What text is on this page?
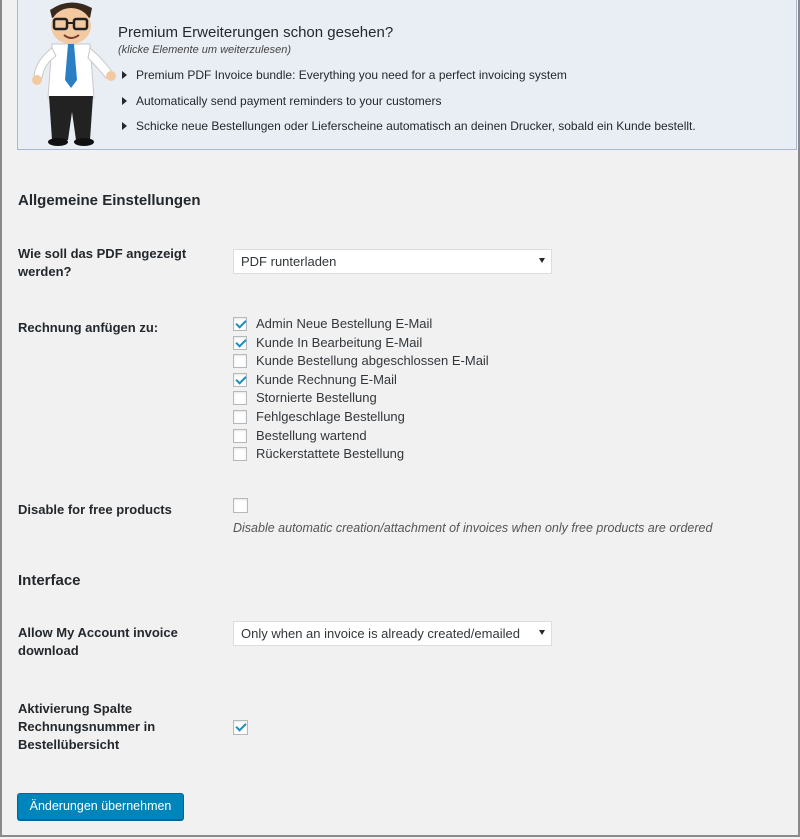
Premium Erweiterungen schon gesehen?
(klicke Elemente um weiterzulesen)
Premium PDF Invoice bundle: Everything you need for a perfect invoicing system
Automatically send payment reminders to your customers
Schicke neue Bestellungen oder Lieferscheine automatisch an deinen Drucker, sobald ein Kunde bestellt.
Allgemeine Einstellungen
Wie soll das PDF angezeigt werden?
PDF runterladen
Rechnung anfügen zu:	Admin Neue Bestellung E-Mail
Kunde In Bearbeitung E-Mail
Kunde Bestellung abgeschlossen E-Mail
Kunde Rechnung E-Mail
Stornierte Bestellung
Fehlgeschlage Bestellung
Bestellung wartend
Rückerstattete Bestellung
Disable for free products
Disable automatic creation/attachment of invoices when only free products are ordered
Interface
Allow My Account invoice download
Only when an invoice is already created/emailed
Aktivierung Spalte Rechnungsnummer in Bestellübersicht
Änderungen übernehmen
